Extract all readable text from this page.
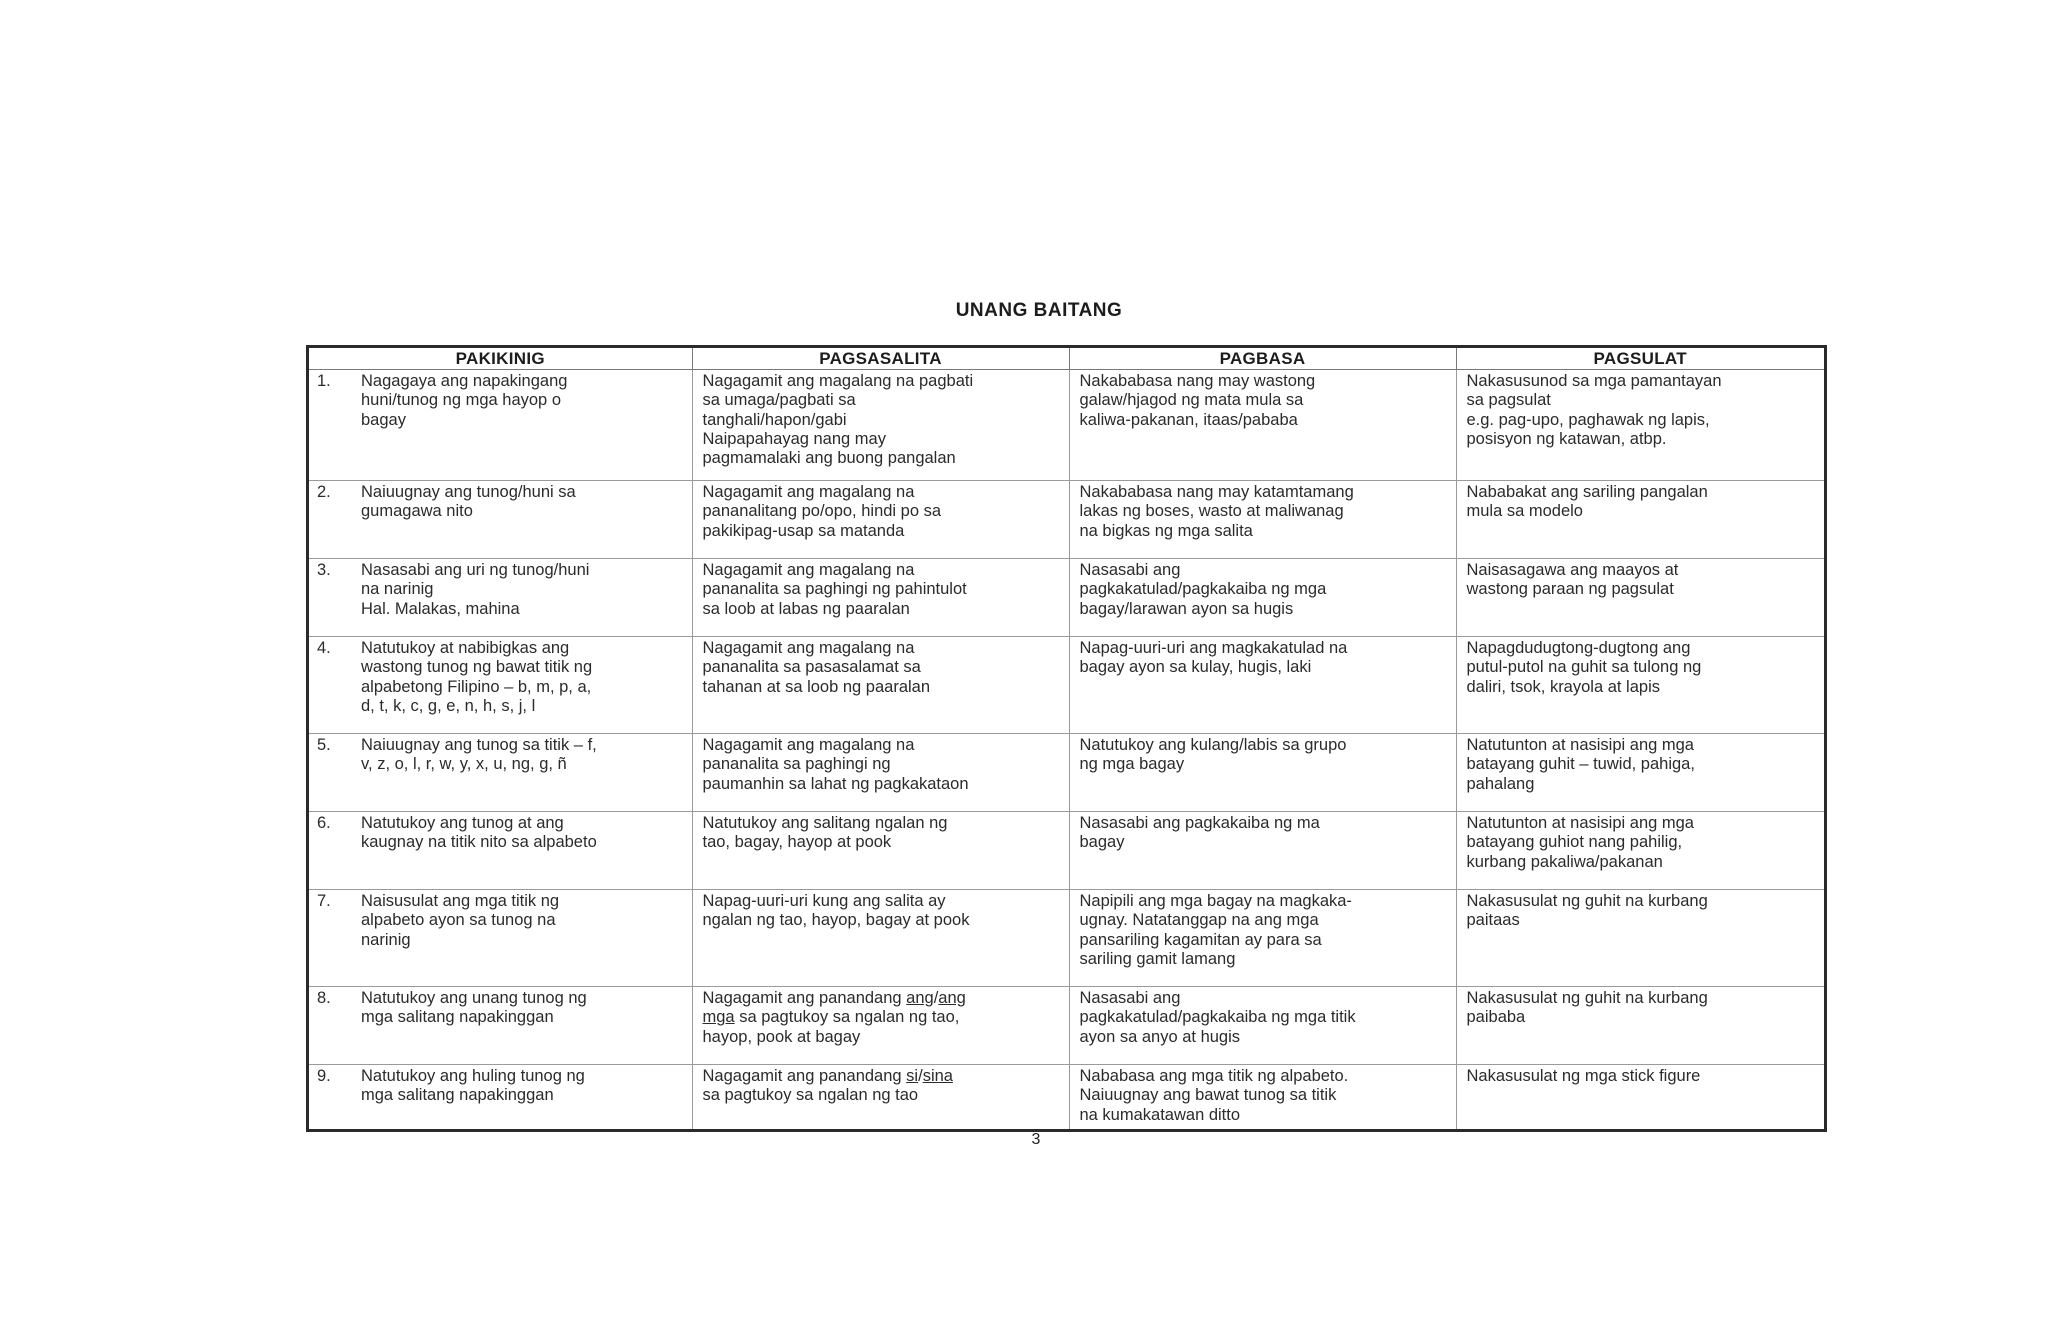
UNANG BAITANG
PAKIKINIG	PAGSASALITA	PAGBASA	PAGSULAT
1. Nagagaya ang napakingang
huni/tunog ng mga hayop o
bagay	Nagagamit ang magalang na pagbati
sa umaga/pagbati sa
tanghali/hapon/gabi
Naipapahayag nang may
pagmamalaki ang buong pangalan	Nakababasa nang may wastong
galaw/hjagod ng mata mula sa
kaliwa-pakanan, itaas/pababa	Nakasusunod sa mga pamantayan
sa pagsulat
e.g. pag-upo, paghawak ng lapis,
posisyon ng katawan, atbp.
2. Naiuugnay ang tunog/huni sa
gumagawa nito	Nagagamit ang magalang na
pananalitang po/opo, hindi po sa
pakikipag-usap sa matanda	Nakababasa nang may katamtamang
lakas ng boses, wasto at maliwanag
na bigkas ng mga salita	Nababakat ang sariling pangalan
mula sa modelo
3. Nasasabi ang uri ng tunog/huni
na narinig
Hal. Malakas, mahina	Nagagamit ang magalang na
pananalita sa paghingi ng pahintulot
sa loob at labas ng paaralan	Nasasabi ang
pagkakatulad/pagkakaiba ng mga
bagay/larawan ayon sa hugis	Naisasagawa ang maayos at
wastong paraan ng pagsulat
4. Natutukoy at nabibigkas ang
wastong tunog ng bawat titik ng
alpabetong Filipino – b, m, p, a,
d, t, k, c, g, e, n, h, s, j, l	Nagagamit ang magalang na
pananalita sa pasasalamat sa
tahanan at sa loob ng paaralan	Napag-uuri-uri ang magkakatulad na
bagay ayon sa kulay, hugis, laki	Napagdudugtong-dugtong ang
putul-putol na guhit sa tulong ng
daliri, tsok, krayola at lapis
5. Naiuugnay ang tunog sa titik – f,
v, z, o, l, r, w, y, x, u, ng, g, ñ	Nagagamit ang magalang na
pananalita sa paghingi ng
paumanhin sa lahat ng pagkakataon	Natutukoy ang kulang/labis sa grupo
ng mga bagay	Natutunton at nasisipi ang mga
batayang guhit – tuwid, pahiga,
pahalang
6. Natutukoy ang tunog at ang
kaugnay na titik nito sa alpabeto	Natutukoy ang salitang ngalan ng
tao, bagay, hayop at pook	Nasasabi ang pagkakaiba ng ma
bagay	Natutunton at nasisipi ang mga
batayang guhiot nang pahilig,
kurbang pakaliwa/pakanan
7. Naisusulat ang mga titik ng
alpabeto ayon sa tunog na
narinig	Napag-uuri-uri kung ang salita ay
ngalan ng tao, hayop, bagay at pook	Napipili ang mga bagay na magkaka-
ugnay. Natatanggap na ang mga
pansariling kagamitan ay para sa
sariling gamit lamang	Nakasusulat ng guhit na kurbang
paitaas
8. Natutukoy ang unang tunog ng
mga salitang napakinggan	Nagagamit ang panandang ang/ang
mga sa pagtukoy sa ngalan ng tao,
hayop, pook at bagay	Nasasabi ang
pagkakatulad/pagkakaiba ng mga titik
ayon sa anyo at hugis	Nakasusulat ng guhit na kurbang
paibaba
9. Natutukoy ang huling tunog ng
mga salitang napakinggan	Nagagamit ang panandang si/sina
sa pagtukoy sa ngalan ng tao	Nababasa ang mga titik ng alpabeto.
Naiuugnay ang bawat tunog sa titik
na kumakatawan ditto	Nakasusulat ng mga stick figure
3
